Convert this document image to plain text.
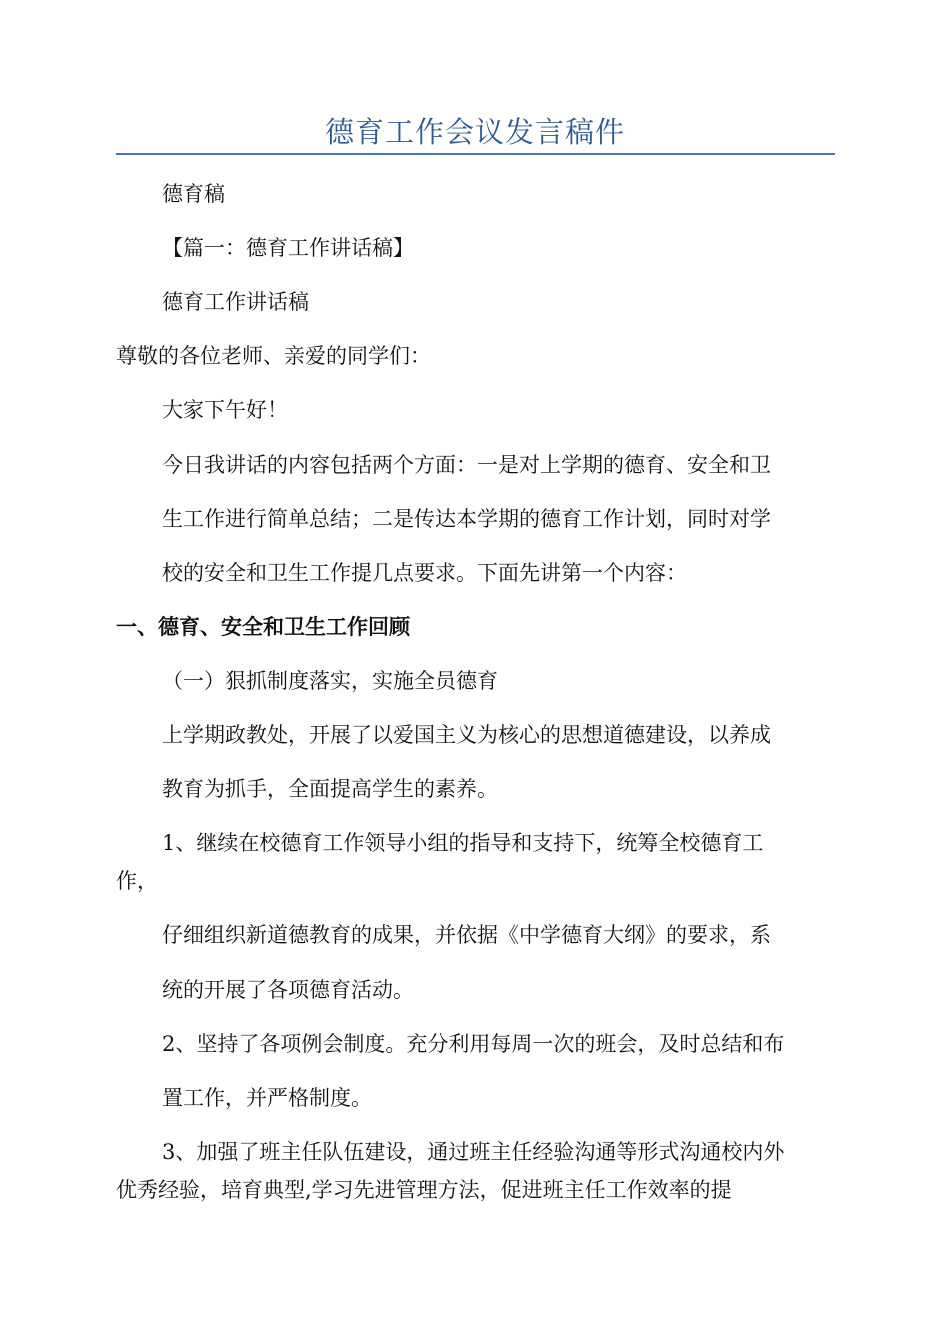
德育工作会议发言稿件
德育稿
【篇一：德育工作讲话稿】
德育工作讲话稿
尊敬的各位老师、亲爱的同学们：
大家下午好！
今日我讲话的内容包括两个方面：一是对上学期的德育、安全和卫
生工作进行简单总结；二是传达本学期的德育工作计划，同时对学
校的安全和卫生工作提几点要求。下面先讲第一个内容：
一、德育、安全和卫生工作回顾
（一）狠抓制度落实，实施全员德育
上学期政教处，开展了以爱国主义为核心的思想道德建设，以养成
教育为抓手，全面提高学生的素养。
1、继续在校德育工作领导小组的指导和支持下，统筹全校德育工
作，
仔细组织新道德教育的成果，并依据《中学德育大纲》的要求，系
统的开展了各项德育活动。
2、坚持了各项例会制度。充分利用每周一次的班会，及时总结和布
置工作，并严格制度。
3、加强了班主任队伍建设，通过班主任经验沟通等形式沟通校内外
优秀经验，培育典型,学习先进管理方法，促进班主任工作效率的提
